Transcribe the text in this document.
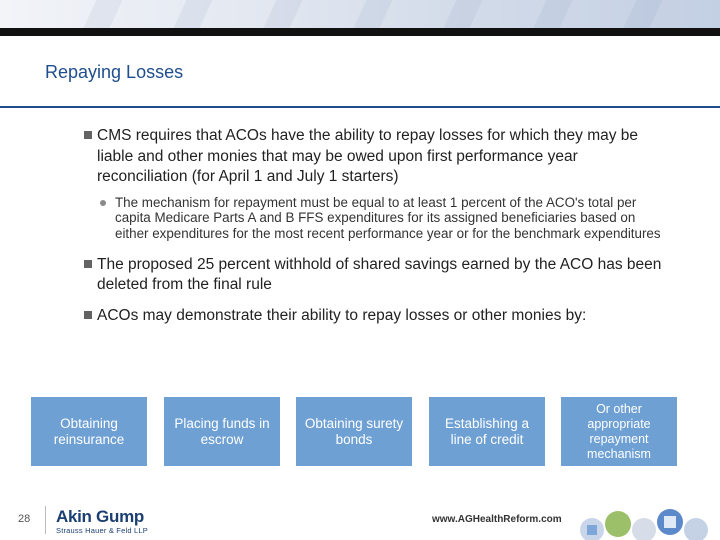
Repaying Losses
CMS requires that ACOs have the ability to repay losses for which they may be liable and other monies that may be owed upon first performance year reconciliation (for April 1 and July 1 starters)
The mechanism for repayment must be equal to at least 1 percent of the ACO's total per capita Medicare Parts A and B FFS expenditures for its assigned beneficiaries based on either expenditures for the most recent performance year or for the benchmark expenditures
The proposed 25 percent withhold of shared savings earned by the ACO has been deleted from the final rule
ACOs may demonstrate their ability to repay losses or other monies by:
Obtaining reinsurance
Placing funds in escrow
Obtaining surety bonds
Establishing a line of credit
Or other appropriate repayment mechanism
28 Akin Gump
Strauss Hauer & Feld LLP
www.AGHealthReform.com
